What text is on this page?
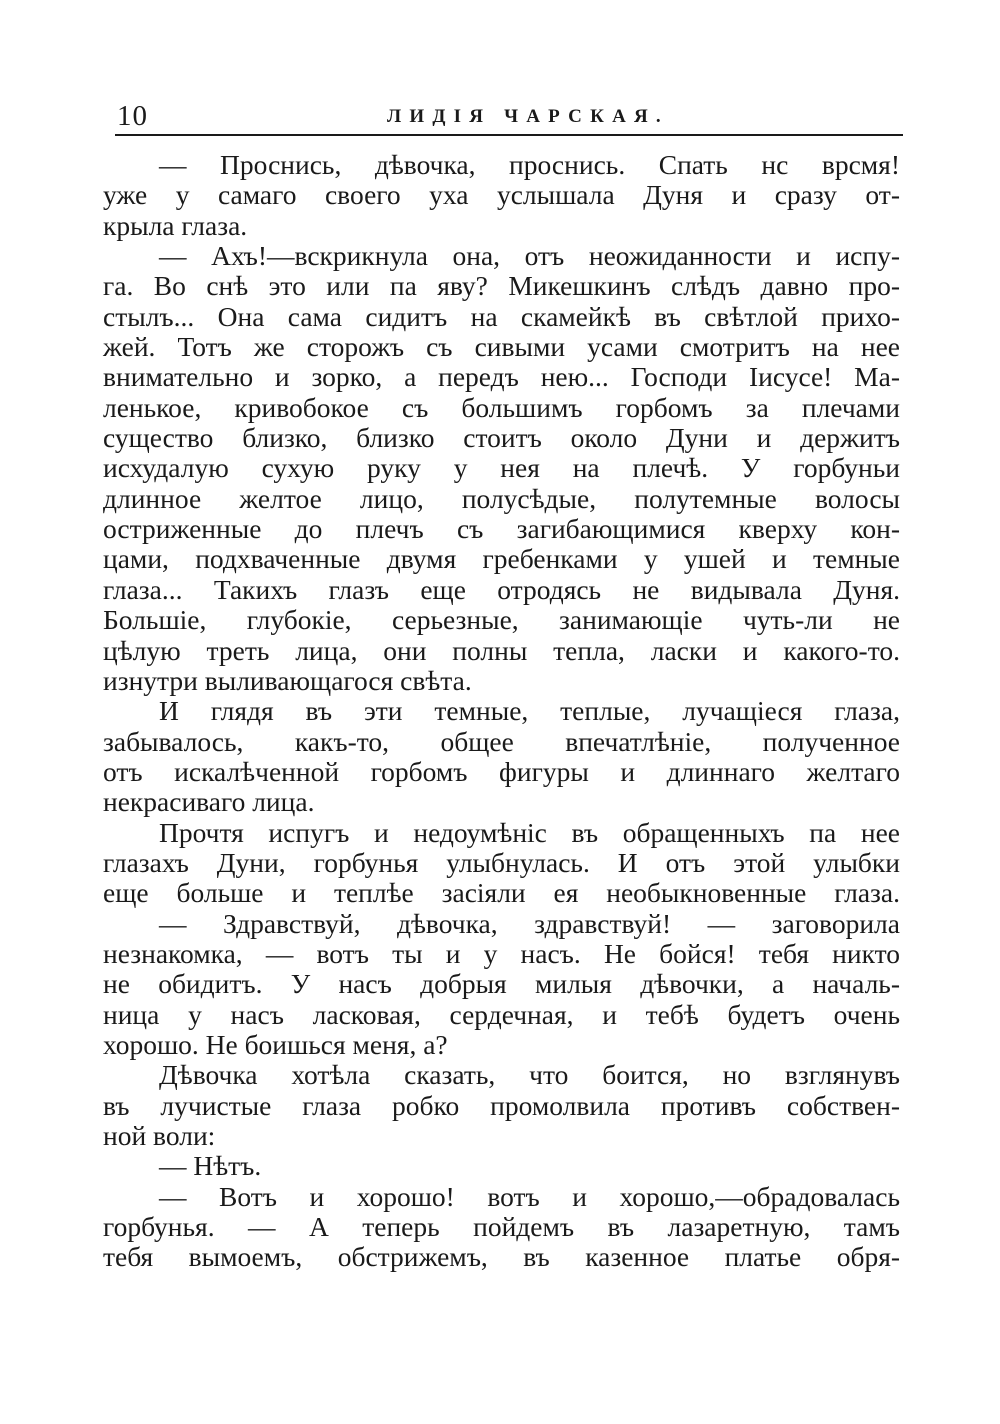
10	ЛИДІЯ ЧАРСКАЯ.
— Проснись, дѣвочка, проснись. Спать нс врсмя!
уже у самаго своего уха услышала Дуня и сразу от-
крыла глаза.
— Ахъ!—вскрикнула она, отъ неожиданности и испу-
га. Во снѣ это или па яву? Микешкинъ слѣдъ давно про-
стылъ... Она сама сидитъ на скамейкѣ въ свѣтлой прихо-
жей. Тотъ же сторожъ съ сивыми усами смотритъ на нее
внимательно и зорко, а передъ нею... Господи Іисусе! Ма-
ленькое, кривобокое съ большимъ горбомъ за плечами
существо близко, близко стоитъ около Дуни и держитъ
исхудалую сухую руку у нея на плечѣ. У горбуньи
длинное желтое лицо, полусѣдые, полутемные волосы
остриженные до плечъ съ загибающимися кверху кон-
цами, подхваченные двумя гребенками у ушей и темные
глаза... Такихъ глазъ еще отродясь не видывала Дуня.
Большіе, глубокіе, серьезные, занимающіе чуть-ли не
цѣлую треть лица, они полны тепла, ласки и какого-то.
изнутри выливающагося свѣта.
И глядя въ эти темные, теплые, лучащіеся глаза,
забывалось, какъ-то, общее впечатлѣніе, полученное
отъ искалѣченной горбомъ фигуры и длиннаго желтаго
некрасиваго лица.
Прочтя испугъ и недоумѣніс въ обращенныхъ па нее
глазахъ Дуни, горбунья улыбнулась. И отъ этой улыбки
еще больше и теплѣе засіяли ея необыкновенные глаза.
— Здравствуй, дѣвочка, здравствуй! — заговорила
незнакомка, — вотъ ты и у насъ. Не бойся! тебя никто
не обидитъ. У насъ добрыя милыя дѣвочки, а началь-
ница у насъ ласковая, сердечная, и тебѣ будетъ очень
хорошо. Не боишься меня, а?
Дѣвочка хотѣла сказать, что боится, но взглянувъ
въ лучистые глаза робко промолвила противъ собствен-
ной воли:
— Нѣтъ.
— Вотъ и хорошо! вотъ и хорошо,—обрадовалась
горбунья. — А теперь пойдемъ въ лазаретную, тамъ
тебя вымоемъ, обстрижемъ, въ казенное платье обря-
